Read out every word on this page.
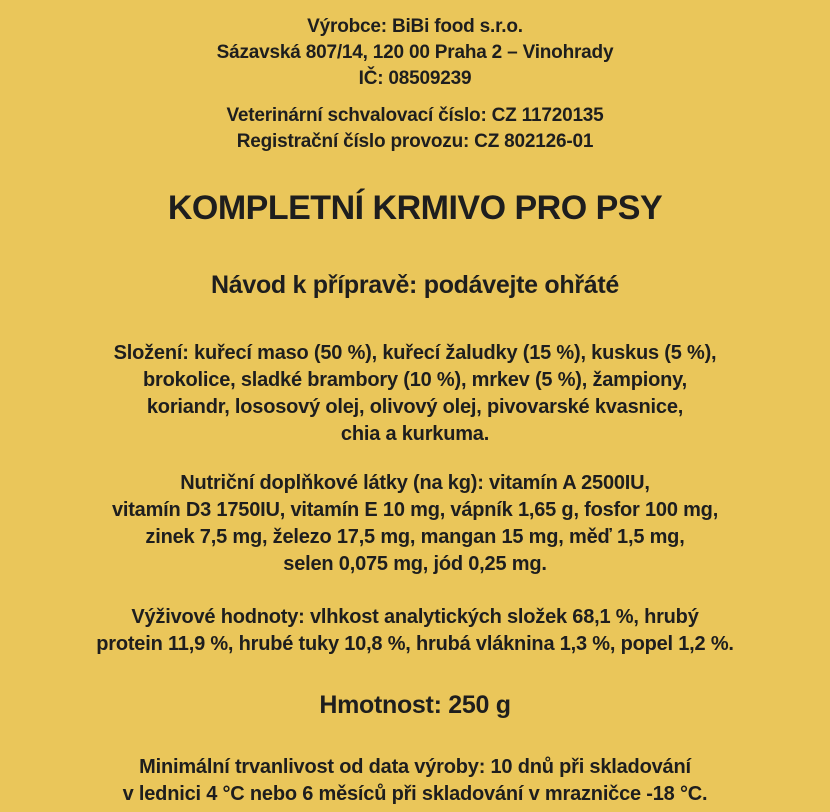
Výrobce: BiBi food s.r.o.
Sázavská 807/14, 120 00 Praha 2 – Vinohrady
IČ: 08509239
Veterinární schvalovací číslo: CZ 11720135
Registrační číslo provozu: CZ 802126-01
KOMPLETNÍ KRMIVO PRO PSY
Návod k přípravě: podávejte ohřáté
Složení: kuřecí maso (50 %), kuřecí žaludky (15 %), kuskus (5 %),
brokolice, sladké brambory (10 %), mrkev (5 %), žampiony,
koriandr, lososový olej, olivový olej, pivovarské kvasnice,
chia a kurkuma.
Nutriční doplňkové látky (na kg): vitamín A 2500IU,
vitamín D3 1750IU, vitamín E 10 mg, vápník 1,65 g, fosfor 100 mg,
zinek 7,5 mg, železo 17,5 mg, mangan 15 mg, měď 1,5 mg,
selen 0,075 mg, jód 0,25 mg.
Výživové hodnoty: vlhkost analytických složek 68,1 %, hrubý
protein 11,9 %, hrubé tuky 10,8 %, hrubá vláknina 1,3 %, popel 1,2 %.
Hmotnost: 250 g
Minimální trvanlivost od data výroby: 10 dnů při skladování
v lednici 4 °C nebo 6 měsíců při skladování v mrazničce -18 °C.
